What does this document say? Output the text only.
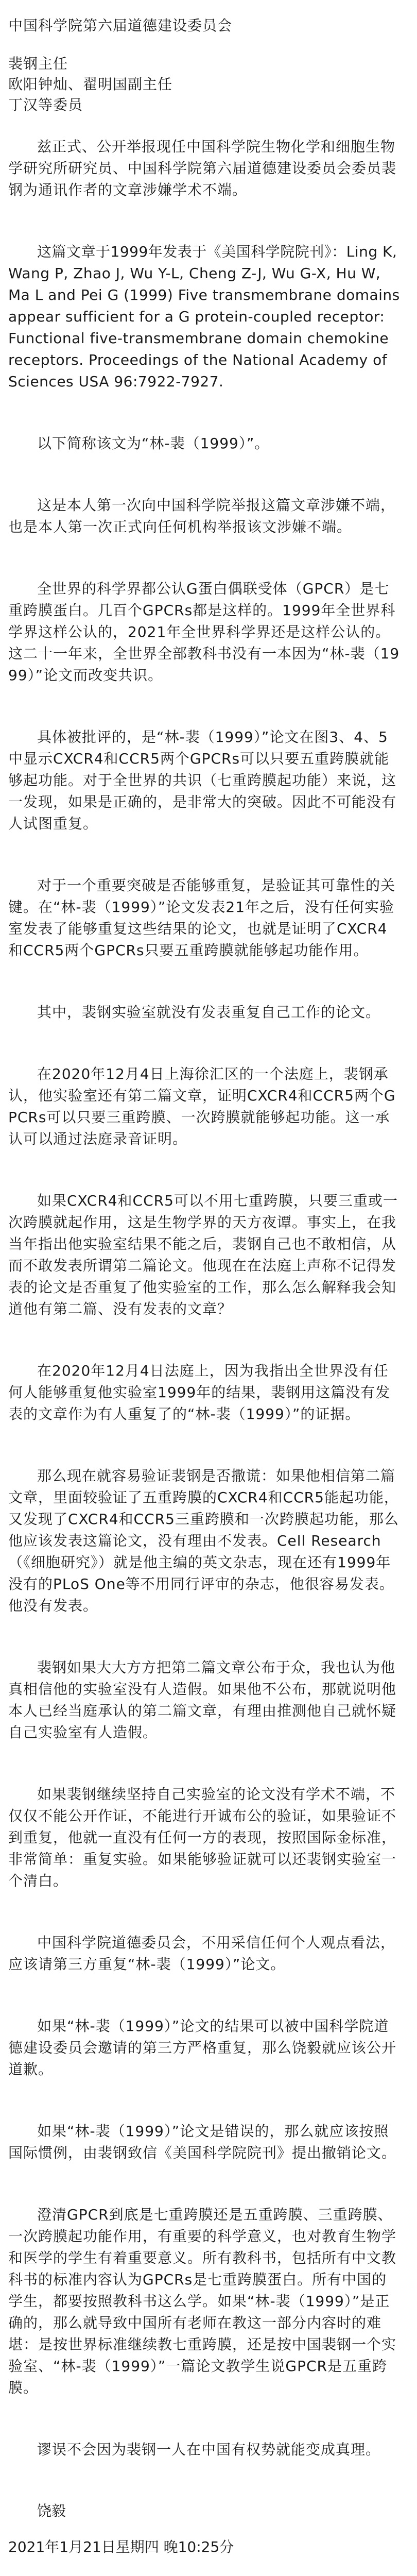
中国科学院第六届道德建设委员会
裴钢主任
欧阳钟灿、翟明国副主任
丁汉等委员

兹正式、公开举报现任中国科学院生物化学和细胞生物学研究所研究员、中国科学院第六届道德建设委员会委员裴钢为通讯作者的文章涉嫌学术不端。

这篇文章于1999年发表于《美国科学院院刊》：Ling K, Wang P, Zhao J, Wu Y-L, Cheng Z-J, Wu G-X, Hu W, Ma L and Pei G (1999) Five transmembrane domains appear sufficient for a G protein-coupled receptor: Functional five-transmembrane domain chemokine receptors. Proceedings of the National Academy of Sciences USA 96:7922-7927.

以下简称该文为“林-裴（1999）”。

这是本人第一次向中国科学院举报这篇文章涉嫌不端，也是本人第一次正式向任何机构举报该文涉嫌不端。

全世界的科学界都公认G蛋白偶联受体（GPCR）是七重跨膜蛋白。几百个GPCRs都是这样的。1999年全世界科学界这样公认的，2021年全世界科学界还是这样公认的。这二十一年来，全世界全部教科书没有一本因为“林-裴（1999）”论文而改变共识。

具体被批评的，是“林-裴（1999）”论文在图3、4、5中显示CXCR4和CCR5两个GPCRs可以只要五重跨膜就能够起功能。对于全世界的共识（七重跨膜起功能）来说，这一发现，如果是正确的，是非常大的突破。因此不可能没有人试图重复。

对于一个重要突破是否能够重复，是验证其可靠性的关键。在“林-裴（1999）”论文发表21年之后，没有任何实验室发表了能够重复这些结果的论文，也就是证明了CXCR4和CCR5两个GPCRs只要五重跨膜就能够起功能作用。

其中，裴钢实验室就没有发表重复自己工作的论文。

在2020年12月4日上海徐汇区的一个法庭上，裴钢承认，他实验室还有第二篇文章，证明CXCR4和CCR5两个GPCRs可以只要三重跨膜、一次跨膜就能够起功能。这一承认可以通过法庭录音证明。

如果CXCR4和CCR5可以不用七重跨膜，只要三重或一次跨膜就起作用，这是生物学界的天方夜谭。事实上，在我当年指出他实验室结果不能之后，裴钢自己也不敢相信，从而不敢发表所谓第二篇论文。他现在在法庭上声称不记得发表的论文是否重复了他实验室的工作，那么怎么解释我会知道他有第二篇、没有发表的文章？

在2020年12月4日法庭上，因为我指出全世界没有任何人能够重复他实验室1999年的结果，裴钢用这篇没有发表的文章作为有人重复了的“林-裴（1999）”的证据。

那么现在就容易验证裴钢是否撒谎：如果他相信第二篇文章，里面较验证了五重跨膜的CXCR4和CCR5能起功能，又发现了CXCR4和CCR5三重跨膜和一次跨膜起功能，那么他应该发表这篇论文，没有理由不发表。Cell Research（《细胞研究》）就是他主编的英文杂志，现在还有1999年没有的PLoS One等不用同行评审的杂志，他很容易发表。他没有发表。

裴钢如果大大方方把第二篇文章公布于众，我也认为他真相信他的实验室没有人造假。如果他不公布，那就说明他本人已经当庭承认的第二篇文章，有理由推测他自己就怀疑自己实验室有人造假。

如果裴钢继续坚持自己实验室的论文没有学术不端，不仅仅不能公开作证，不能进行开诚布公的验证，如果验证不到重复，他就一直没有任何一方的表现，按照国际金标准，非常简单：重复实验。如果能够验证就可以还裴钢实验室一个清白。

中国科学院道德委员会，不用采信任何个人观点看法，应该请第三方重复“林-裴（1999）”论文。

如果“林-裴（1999）”论文的结果可以被中国科学院道德建设委员会邀请的第三方严格重复，那么饶毅就应该公开道歉。

如果“林-裴（1999）”论文是错误的，那么就应该按照国际惯例，由裴钢致信《美国科学院院刊》提出撤销论文。

澄清GPCR到底是七重跨膜还是五重跨膜、三重跨膜、一次跨膜起功能作用，有重要的科学意义，也对教育生物学和医学的学生有着重要意义。所有教科书，包括所有中文教科书的标准内容认为GPCRs是七重跨膜蛋白。所有中国的学生，都要按照教科书这么学。如果“林-裴（1999）”是正确的，那么就导致中国所有老师在教这一部分内容时的难堪：是按世界标准继续教七重跨膜，还是按中国裴钢一个实验室、“林-裴（1999）”一篇论文教学生说GPCR是五重跨膜。

谬误不会因为裴钢一人在中国有权势就能变成真理。

饶毅
2021年1月21日星期四 晚10:25分
